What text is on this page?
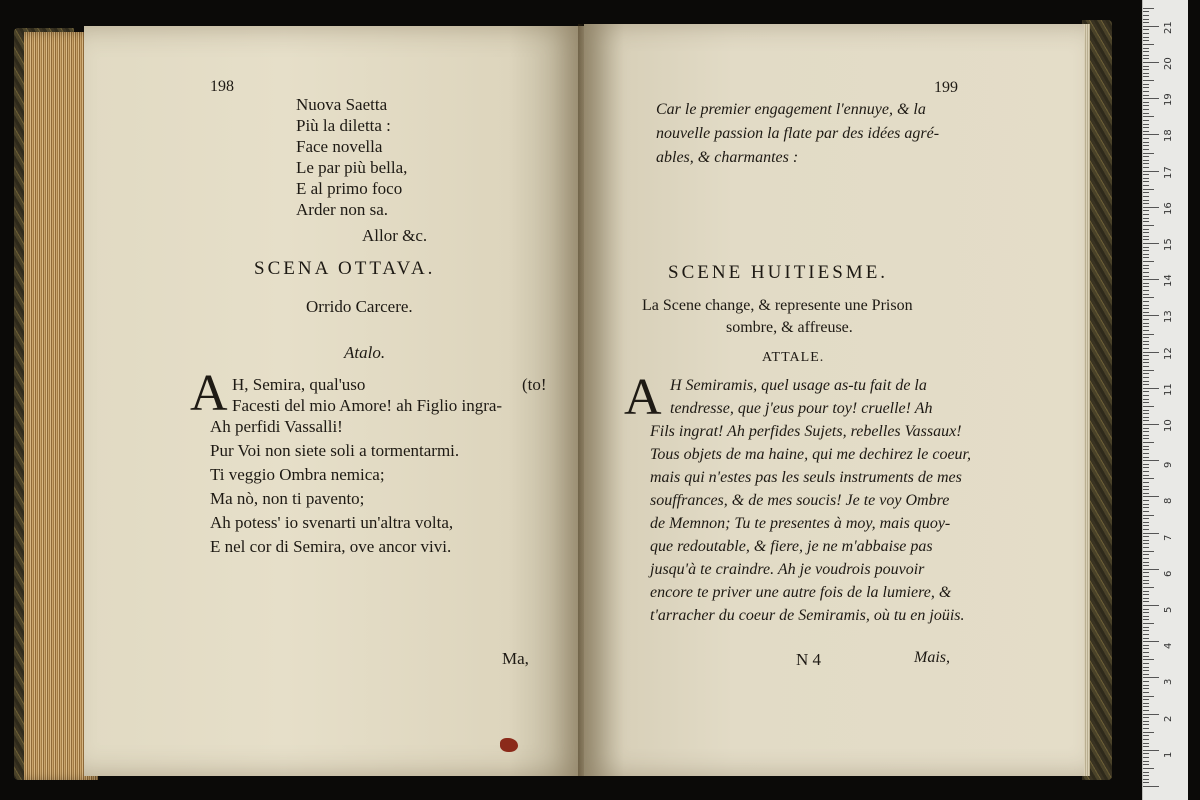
198
Nuova Saetta
Più la diletta :
Face novella
Le par più bella,
E al primo foco
Arder non sa.
Allor &c.
SCENA OTTAVA.
Orrido Carcere.
Atalo.
A H, Semira, qual'uso	(to!
Facesti del mio Amore! ah Figlio ingra-
Ah perfidi Vassalli!
Pur Voi non siete soli a tormentarmi.
Ti veggio Ombra nemica;
Ma nò, non ti pavento;
Ah potess' io svenarti un'altra volta,
E nel cor di Semira, ove ancor vivi.
Ma,
199
Car le premier engagement l'ennuye, & la
nouvelle passion la flate par des idées agré-
ables, & charmantes :
SCENE HUITIESME.
La Scene change, & represente une Prison
sombre, & affreuse.
ATTALE.
A H Semiramis, quel usage as-tu fait de la
tendresse, que j'eus pour toy! cruelle! Ah
Fils ingrat! Ah perfides Sujets, rebelles Vassaux!
Tous objets de ma haine, qui me dechirez le coeur,
mais qui n'estes pas les seuls instruments de mes
souffrances, & de mes soucis! Je te voy Ombre
de Memnon; Tu te presentes à moy, mais quoy-
que redoutable, & fiere, je ne m'abbaise pas
jusqu'à te craindre. Ah je voudrois pouvoir
encore te priver une autre fois de la lumiere, &
t'arracher du coeur de Semiramis, où tu en joüis.
N 4	Mais,
1
2
3
4
5
6
7
8
9
10
11
12
13
14
15
16
17
18
19
20
21
